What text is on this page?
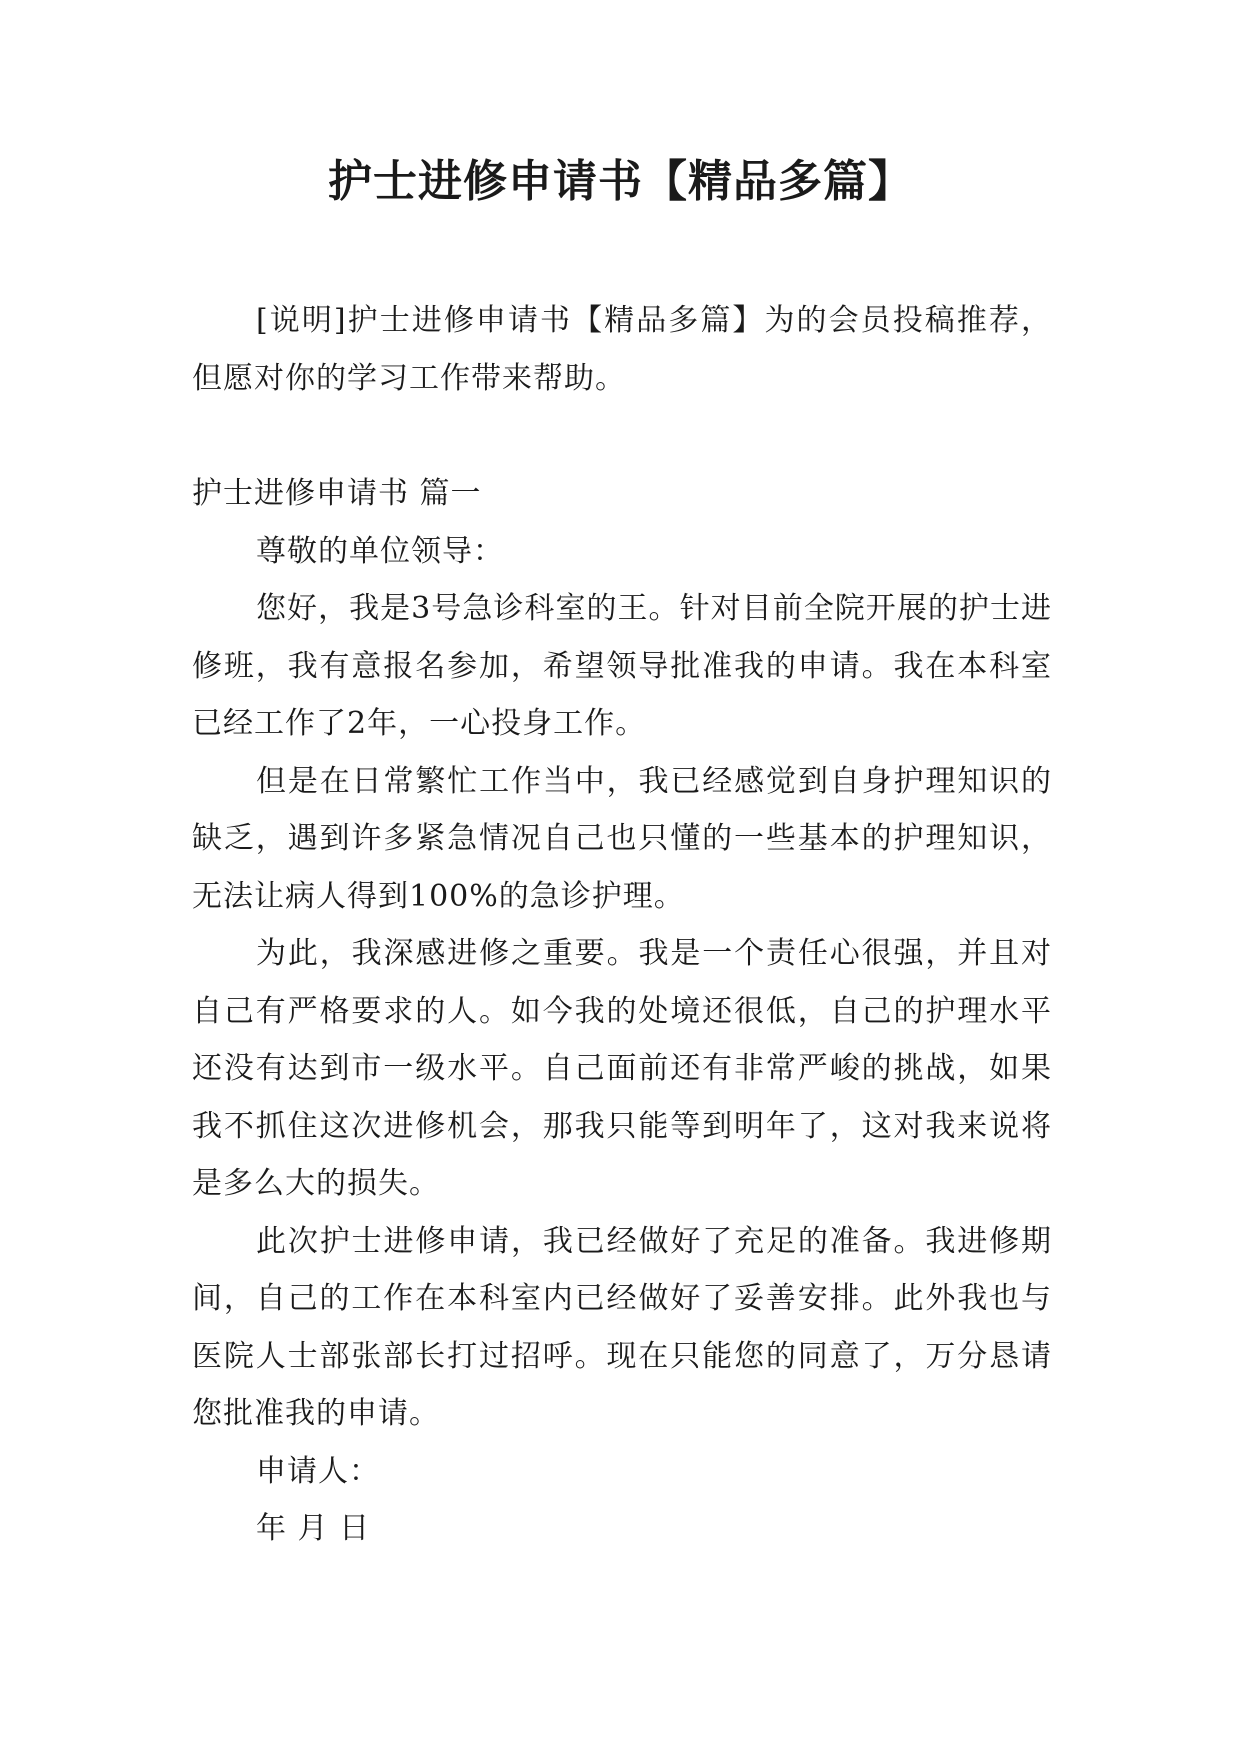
护士进修申请书【精品多篇】

[说明]护士进修申请书【精品多篇】为的会员投稿推荐，但愿对你的学习工作带来帮助。

护士进修申请书 篇一

尊敬的单位领导：

您好，我是3号急诊科室的王。针对目前全院开展的护士进修班，我有意报名参加，希望领导批准我的申请。我在本科室已经工作了2年，一心投身工作。

但是在日常繁忙工作当中，我已经感觉到自身护理知识的缺乏，遇到许多紧急情况自己也只懂的一些基本的护理知识，无法让病人得到100%的急诊护理。

为此，我深感进修之重要。我是一个责任心很强，并且对自己有严格要求的人。如今我的处境还很低，自己的护理水平还没有达到市一级水平。自己面前还有非常严峻的挑战，如果我不抓住这次进修机会，那我只能等到明年了，这对我来说将是多么大的损失。

此次护士进修申请，我已经做好了充足的准备。我进修期间，自己的工作在本科室内已经做好了妥善安排。此外我也与医院人士部张部长打过招呼。现在只能您的同意了，万分恳请您批准我的申请。

申请人：

年 月 日
